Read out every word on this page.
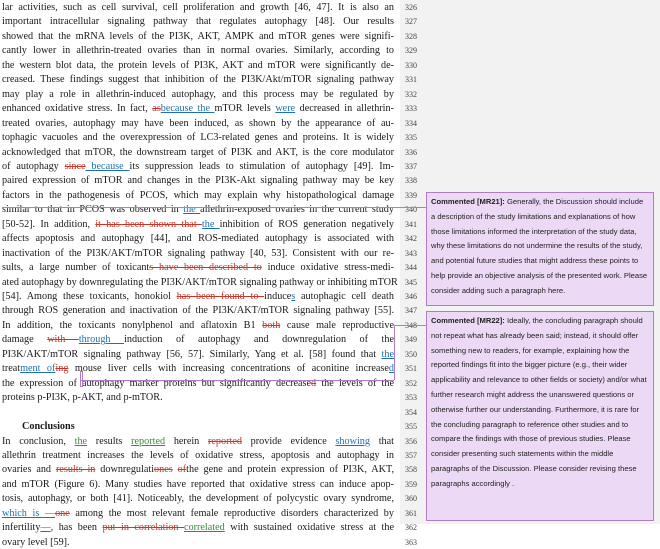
lar activities, such as cell survival, cell proliferation and growth [46, 47]. It is also an 326
important intracellular signaling pathway that regulates autophagy [48]. Our results 327
showed that the mRNA levels of the PI3K, AKT, AMPK and mTOR genes were signifi- 328
cantly lower in allethrin-treated ovaries than in normal ovaries. Similarly, according to 329
the western blot data, the protein levels of PI3K, AKT and mTOR were significantly de- 330
creased. These findings suggest that inhibition of the PI3K/Akt/mTOR signaling pathway 331
may play a role in allethrin-induced autophagy, and this process may be regulated by 332
enhanced oxidative stress. In fact, asbecause the mTOR levels were decreased in allethrin- 333
treated ovaries, autophagy may have been induced, as shown by the appearance of au- 334
tophagic vacuoles and the overexpression of LC3-related genes and proteins. It is widely 335
acknowledged that mTOR, the downstream target of PI3K and AKT, is the core modulator 336
of autophagy since because its suppression leads to stimulation of autophagy [49]. Im- 337
paired expression of mTOR and changes in the PI3K-Akt signaling pathway may be key 338
factors in the pathogenesis of PCOS, which may explain why histopathological damage 339
similar to that in PCOS was observed in the allethrin-exposed ovaries in the current study 340
[50-52]. In addition, it has been shown that the inhibition of ROS generation negatively 341
affects apoptosis and autophagy [44], and ROS-mediated autophagy is associated with 342
inactivation of the PI3K/AKT/mTOR signaling pathway [40, 53]. Consistent with our re- 343
sults, a large number of toxicants have been described to induce oxidative stress-medi- 344
ated autophagy by downregulating the PI3K/AKT/mTOR signaling pathway or inhibiting mTOR 345
[54]. Among these toxicants, honokiol has been found to induces autophagic cell death 346
through ROS generation and inactivation of the PI3K/AKT/mTOR signaling pathway [55]. 347
In addition, the toxicants nonylphenol and aflatoxin B1 both cause male reproductive 348
damage with through induction of autophagy and downregulation of the 349
PI3K/AKT/mTOR signaling pathway [56, 57]. Similarly, Yang et al. [58] found that the 350
treatment ofing mouse liver cells with increasing concentrations of aconitine increased 351
the expression of autophagy marker proteins but significantly decreased the levels of the 352
proteins p-PI3K, p-AKT, and p-mTOR.	353
354
Conclusions	355
In conclusion, the results reported herein reported provide evidence showing that 356
allethrin treatment increases the levels of oxidative stress, apoptosis and autophagy in 357
ovaries and results in downregulationes ofthe gene and protein expression of PI3K, AKT, 358
and mTOR (Figure 6). Many studies have reported that oxidative stress can induce apop- 359
tosis, autophagy, or both [41]. Noticeably, the development of polycystic ovary syndrome, 360
which is —one among the most relevant female reproductive disorders characterized by 361
infertility—, has been put in correlation correlated with sustained oxidative stress at the 362
ovary level [59].	363
Commented [MR21]: Generally, the Discussion should include a description of the study limitations and explanations of how those limitations informed the interpretation of the study data, why these limitations do not undermine the results of the study, and potential future studies that might address these points to help provide an objective analysis of the presented work. Please consider adding such a paragraph here.
Commented [MR22]: Ideally, the concluding paragraph should not repeat what has already been said; instead, it should offer something new to readers, for example, explaining how the reported findings fit into the bigger picture (e.g., their wider applicability and relevance to other fields or society) and/or what further research might address the unanswered questions or otherwise further our understanding. Furthermore, it is rare for the concluding paragraph to reference other studies and to compare the findings with those of previous studies. Please consider presenting such statements within the middle paragraphs of the Discussion. Please consider revising these paragraphs accordingly .
